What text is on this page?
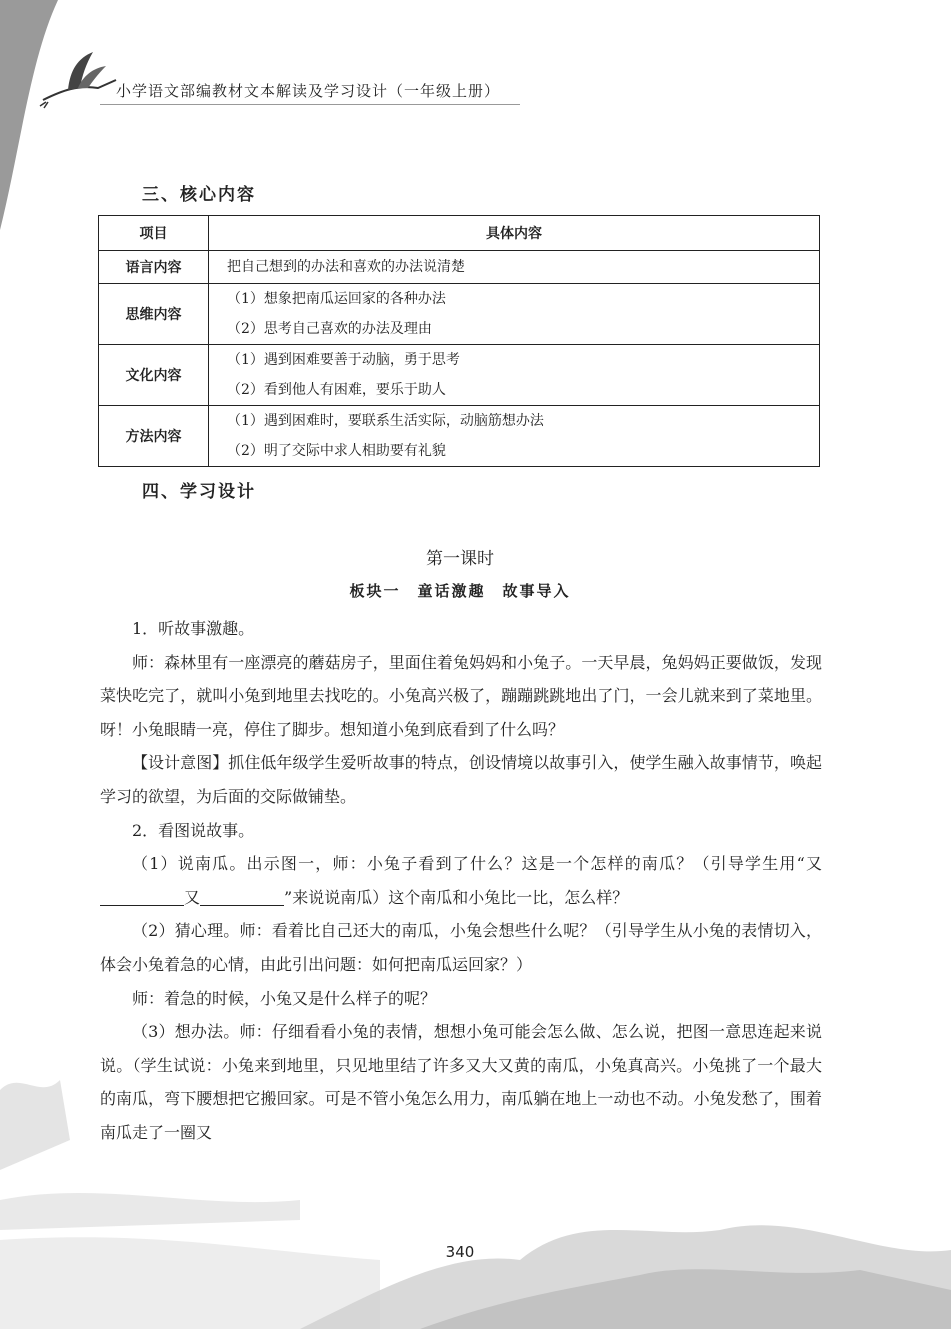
小学语文部编教材文本解读及学习设计（一年级上册）
三、核心内容
项目	具体内容
语言内容	把自己想到的办法和喜欢的办法说清楚

思维内容	（1）想象把南瓜运回家的各种办法
（2）思考自己喜欢的办法及理由

文化内容	（1）遇到困难要善于动脑，勇于思考
（2）看到他人有困难，要乐于助人

方法内容	（1）遇到困难时，要联系生活实际，动脑筋想办法
（2）明了交际中求人相助要有礼貌
四、学习设计
第一课时
板块一　童话激趣　故事导入

1．听故事激趣。

师：森林里有一座漂亮的蘑菇房子，里面住着兔妈妈和小兔子。一天早晨，兔妈妈正要做饭，发现菜快吃完了，就叫小兔到地里去找吃的。小兔高兴极了，蹦蹦跳跳地出了门，一会儿就来到了菜地里。呀！小兔眼睛一亮，停住了脚步。想知道小兔到底看到了什么吗？

【设计意图】抓住低年级学生爱听故事的特点，创设情境以故事引入，使学生融入故事情节，唤起学习的欲望，为后面的交际做铺垫。

2．看图说故事。

（1）说南瓜。出示图一，师：小兔子看到了什么？这是一个怎样的南瓜？（引导学生用“又又	”来说说南瓜）这个南瓜和小兔比一比，怎么样？

（2）猜心理。师：看着比自己还大的南瓜，小兔会想些什么呢？（引导学生从小兔的表情切入，体会小兔着急的心情，由此引出问题：如何把南瓜运回家？）

师：着急的时候，小兔又是什么样子的呢？

（3）想办法。师：仔细看看小兔的表情，想想小兔可能会怎么做、怎么说，把图一意思连起来说说。（学生试说：小兔来到地里，只见地里结了许多又大又黄的南瓜，小兔真高兴。小兔挑了一个最大的南瓜，弯下腰想把它搬回家。可是不管小兔怎么用力，南瓜躺在地上一动也不动。小兔发愁了，围着南瓜走了一圈又

340
